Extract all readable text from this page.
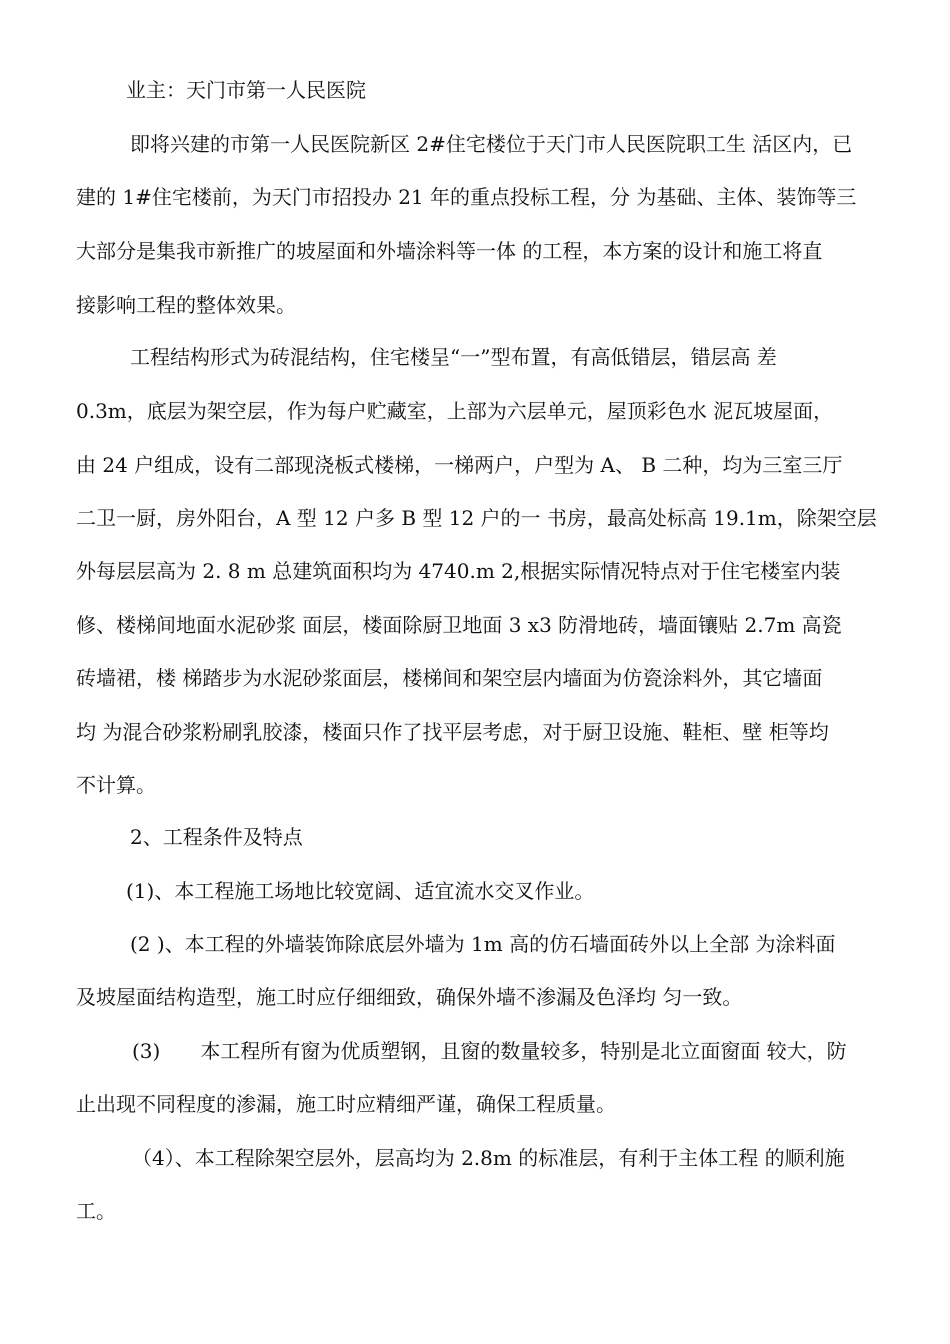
业主：天门市第一人民医院
即将兴建的市第一人民医院新区 2#住宅楼位于天门市人民医院职工生 活区内，已
建的 1#住宅楼前，为天门市招投办 21 年的重点投标工程，分 为基础、主体、装饰等三
大部分是集我市新推广的坡屋面和外墙涂料等一体 的工程，本方案的设计和施工将直
接影响工程的整体效果。
工程结构形式为砖混结构，住宅楼呈“一”型布置，有高低错层，错层高 差
0.3m，底层为架空层，作为每户贮藏室，上部为六层单元，屋顶彩色水 泥瓦坡屋面，
由 24 户组成，设有二部现浇板式楼梯，一梯两户，户型为 A、 B 二种，均为三室三厅
二卫一厨，房外阳台，A 型 12 户多 B 型 12 户的一 书房，最高处标高 19.1m，除架空层
外每层层高为 2. 8 m 总建筑面积均为 4740.m 2,根据实际情况特点对于住宅楼室内装
修、楼梯间地面水泥砂浆 面层，楼面除厨卫地面 3 x3 防滑地砖，墙面镶贴 2.7m 高瓷
砖墙裙，楼 梯踏步为水泥砂浆面层，楼梯间和架空层内墙面为仿瓷涂料外，其它墙面
均 为混合砂浆粉刷乳胶漆，楼面只作了找平层考虑，对于厨卫设施、鞋柜、壁 柜等均
不计算。
2、工程条件及特点
(1)、本工程施工场地比较宽阔、适宜流水交叉作业。
(2 )、本工程的外墙装饰除底层外墙为 1m 高的仿石墙面砖外以上全部 为涂料面
及坡屋面结构造型，施工时应仔细细致，确保外墙不渗漏及色泽均 匀一致。
(3)　　本工程所有窗为优质塑钢，且窗的数量较多，特别是北立面窗面 较大，防
止出现不同程度的渗漏，施工时应精细严谨，确保工程质量。
（4）、本工程除架空层外，层高均为 2.8m 的标准层，有利于主体工程 的顺利施
工。
